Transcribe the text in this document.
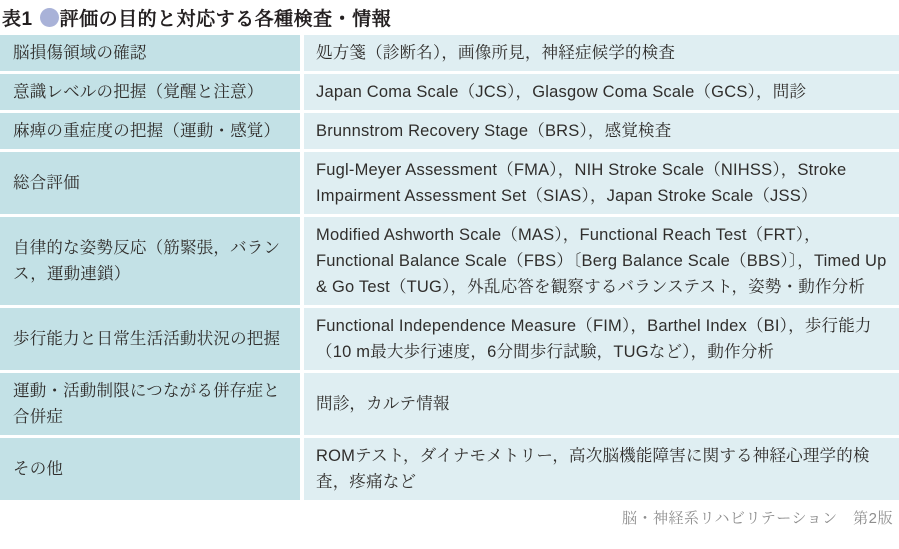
表1 評価の目的と対応する各種検査・情報
脳損傷領域の確認	処方箋（診断名），画像所見，神経症候学的検査
意識レベルの把握（覚醒と注意）	Japan Coma Scale（JCS），Glasgow Coma Scale（GCS），問診
麻痺の重症度の把握（運動・感覚） Brunnstrom Recovery Stage（BRS），感覚検査
総合評価
Fugl-Meyer Assessment（FMA），NIH Stroke Scale（NIHSS），Stroke Impairment Assessment Set（SIAS），Japan Stroke Scale（JSS）
自律的な姿勢反応（筋緊張，バランス，運動連鎖）
Modified Ashworth Scale（MAS），Functional Reach Test（FRT），Functional Balance Scale（FBS）〔Berg Balance Scale（BBS）〕，Timed Up & Go Test（TUG），外乱応答を観察するバランステスト，姿勢・動作分析
歩行能力と日常生活活動状況の把握
Functional Independence Measure（FIM），Barthel Index（BI），歩行能力（10 m最大歩行速度，6分間歩行試験，TUGなど），動作分析
運動・活動制限につながる併存症と合併症
問診，カルテ情報
その他
ROMテスト，ダイナモメトリー，高次脳機能障害に関する神経心理学的検査，疼痛など
脳・神経系リハビリテーション　第2版
